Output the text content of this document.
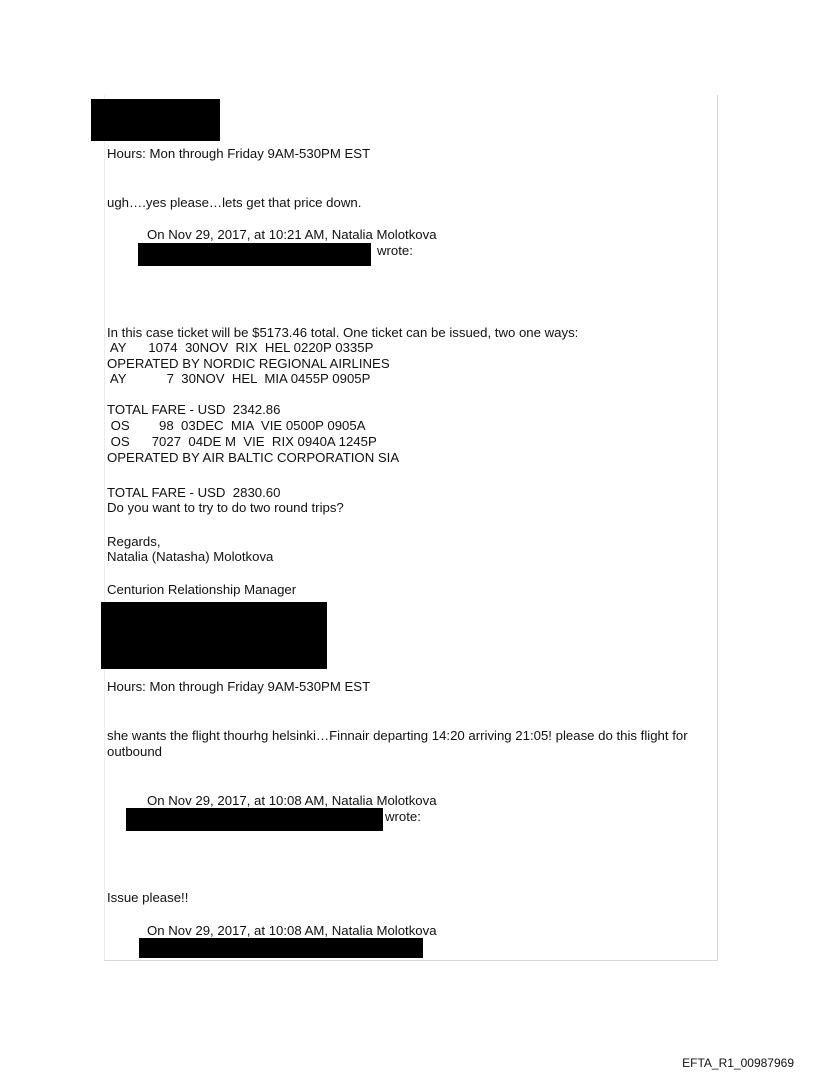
Hours: Mon through Friday 9AM-530PM EST
ugh….yes please…lets get that price down.
On Nov 29, 2017, at 10:21 AM, Natalia Molotkova
wrote:
In this case ticket will be $5173.46 total. One ticket can be issued, two one ways:
AY      1074  30NOV  RIX  HEL 0220P 0335P
OPERATED BY NORDIC REGIONAL AIRLINES
AY           7  30NOV  HEL  MIA 0455P 0905P
TOTAL FARE - USD  2342.86
OS        98  03DEC  MIA  VIE 0500P 0905A
OS      7027  04DE M  VIE  RIX 0940A 1245P
OPERATED BY AIR BALTIC CORPORATION SIA
TOTAL FARE - USD  2830.60
Do you want to try to do two round trips?
Regards,
Natalia (Natasha) Molotkova
Centurion Relationship Manager
Hours: Mon through Friday 9AM-530PM EST
she wants the flight thourhg helsinki…Finnair departing 14:20 arriving 21:05! please do this flight for outbound
On Nov 29, 2017, at 10:08 AM, Natalia Molotkova
wrote:
Issue please!!
On Nov 29, 2017, at 10:08 AM, Natalia Molotkova
EFTA_R1_00987969
